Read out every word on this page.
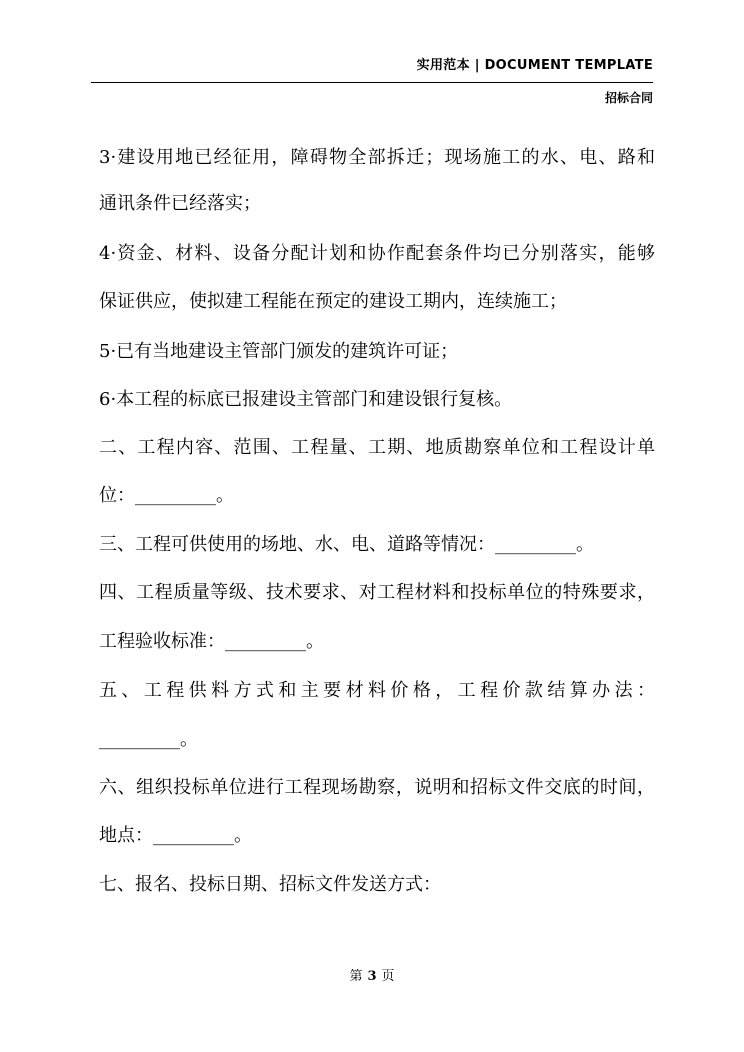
实用范本 | DOCUMENT TEMPLATE
招标合同
3·建设用地已经征用，障碍物全部拆迁；现场施工的水、电、路和
通讯条件已经落实；
4·资金、材料、设备分配计划和协作配套条件均已分别落实，能够
保证供应，使拟建工程能在预定的建设工期内，连续施工；
5·已有当地建设主管部门颁发的建筑许可证；
6·本工程的标底已报建设主管部门和建设银行复核。
二、工程内容、范围、工程量、工期、地质勘察单位和工程设计单
位：_________。
三、工程可供使用的场地、水、电、道路等情况：_________。
四、工程质量等级、技术要求、对工程材料和投标单位的特殊要求，
工程验收标准：_________。
五、工程供料方式和主要材料价格，工程价款结算办法：
_________。
六、组织投标单位进行工程现场勘察，说明和招标文件交底的时间，
地点：_________。
七、报名、投标日期、招标文件发送方式：
第 3 页
